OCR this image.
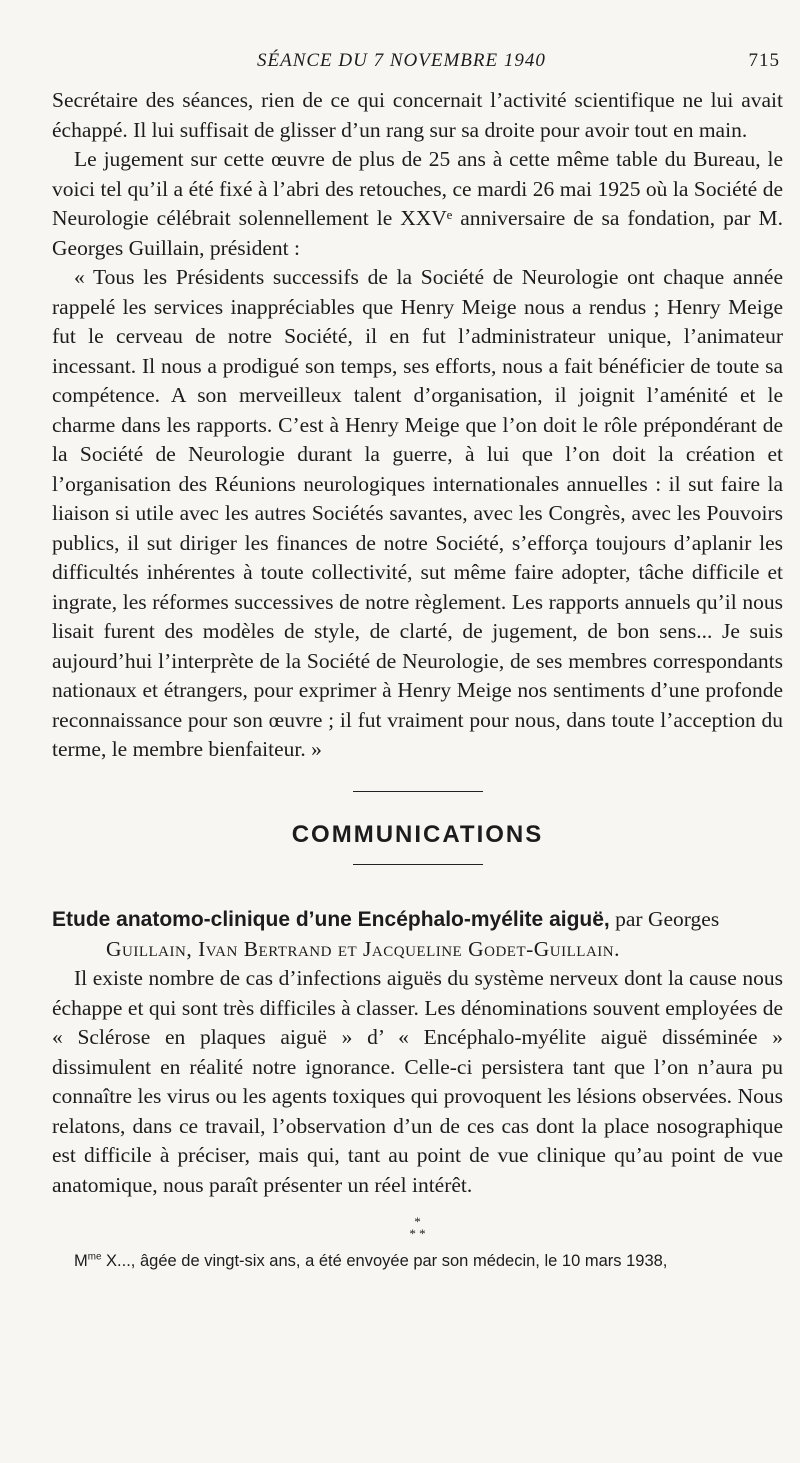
SÉANCE DU 7 NOVEMBRE 1940	715

Secrétaire des séances, rien de ce qui concernait l’activité scientifique ne lui avait échappé. Il lui suffisait de glisser d’un rang sur sa droite pour avoir tout en main.

Le jugement sur cette œuvre de plus de 25 ans à cette même table du Bureau, le voici tel qu’il a été fixé à l’abri des retouches, ce mardi 26 mai 1925 où la Société de Neurologie célébrait solennellement le XXVᵉ anniversaire de sa fondation, par M. Georges Guillain, président :

« Tous les Présidents successifs de la Société de Neurologie ont chaque année rappelé les services inappréciables que Henry Meige nous a rendus ; Henry Meige fut le cerveau de notre Société, il en fut l’administrateur unique, l’animateur incessant. Il nous a prodigué son temps, ses efforts, nous a fait bénéficier de toute sa compétence. A son merveilleux talent d’organisation, il joignit l’aménité et le charme dans les rapports. C’est à Henry Meige que l’on doit le rôle prépondérant de la Société de Neurologie durant la guerre, à lui que l’on doit la création et l’organisation des Réunions neurologiques internationales annuelles : il sut faire la liaison si utile avec les autres Sociétés savantes, avec les Congrès, avec les Pouvoirs publics, il sut diriger les finances de notre Société, s’efforça toujours d’aplanir les difficultés inhérentes à toute collectivité, sut même faire adopter, tâche difficile et ingrate, les réformes successives de notre règlement. Les rapports annuels qu’il nous lisait furent des modèles de style, de clarté, de jugement, de bon sens... Je suis aujourd’hui l’interprète de la Société de Neurologie, de ses membres correspondants nationaux et étrangers, pour exprimer à Henry Meige nos sentiments d’une profonde reconnaissance pour son œuvre ; il fut vraiment pour nous, dans toute l’acception du terme, le membre bienfaiteur. »

COMMUNICATIONS
Etude anatomo-clinique d’une Encéphalo-myélite aiguë, par Georges
Guillain, Ivan Bertrand et Jacqueline Godet-Guillain.

Il existe nombre de cas d’infections aiguës du système nerveux dont la cause nous échappe et qui sont très difficiles à classer. Les dénominations souvent employées de « Sclérose en plaques aiguë » d’ « Encéphalo-myélite aiguë disséminée » dissimulent en réalité notre ignorance. Celle-ci persistera tant que l’on n’aura pu connaître les virus ou les agents toxiques qui provoquent les lésions observées. Nous relatons, dans ce travail, l’observation d’un de ces cas dont la place nosographique est difficile à préciser, mais qui, tant au point de vue clinique qu’au point de vue anatomique, nous paraît présenter un réel intérêt.

*
* *

$M^{me}$ X..., âgée de vingt-six ans, a été envoyée par son médecin, le 10 mars 1938,
